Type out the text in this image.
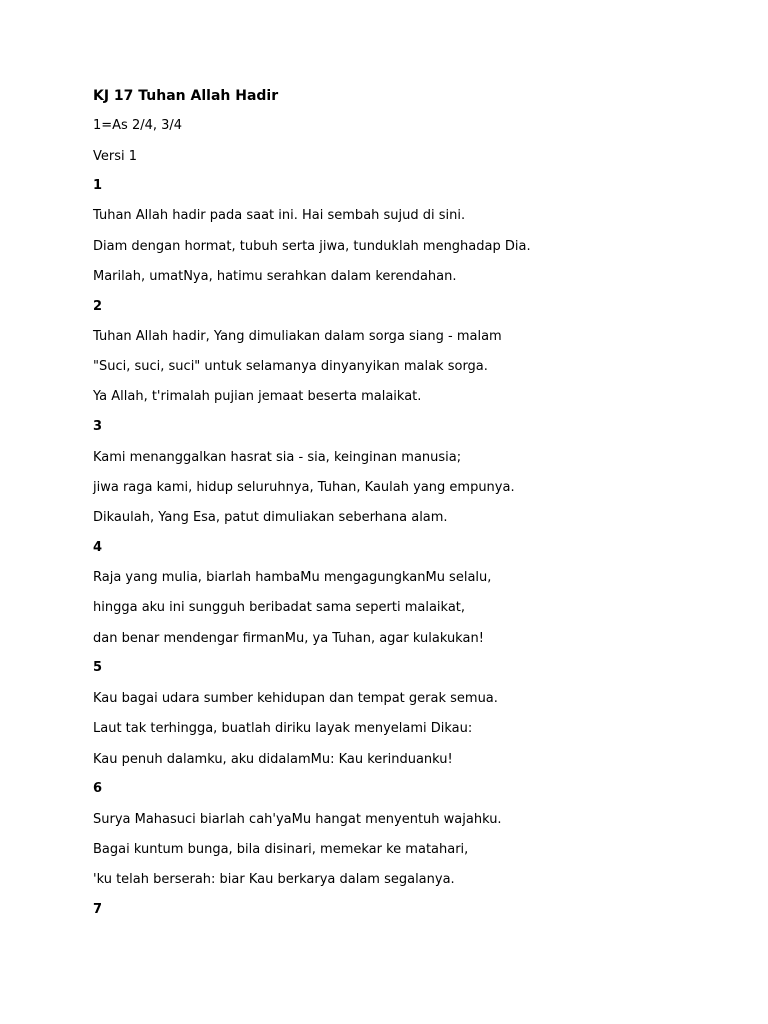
KJ 17 Tuhan Allah Hadir
1=As 2/4, 3/4
Versi 1
1
Tuhan Allah hadir pada saat ini. Hai sembah sujud di sini.
Diam dengan hormat, tubuh serta jiwa, tunduklah menghadap Dia.
Marilah, umatNya, hatimu serahkan dalam kerendahan.
2
Tuhan Allah hadir, Yang dimuliakan dalam sorga siang - malam
"Suci, suci, suci" untuk selamanya dinyanyikan malak sorga.
Ya Allah, t'rimalah pujian jemaat beserta malaikat.
3
Kami menanggalkan hasrat sia - sia, keinginan manusia;
jiwa raga kami, hidup seluruhnya, Tuhan, Kaulah yang empunya.
Dikaulah, Yang Esa, patut dimuliakan seberhana alam.
4
Raja yang mulia, biarlah hambaMu mengagungkanMu selalu,
hingga aku ini sungguh beribadat sama seperti malaikat,
dan benar mendengar firmanMu, ya Tuhan, agar kulakukan!
5
Kau bagai udara sumber kehidupan dan tempat gerak semua.
Laut tak terhingga, buatlah diriku layak menyelami Dikau:
Kau penuh dalamku, aku didalamMu: Kau kerinduanku!
6
Surya Mahasuci biarlah cah'yaMu hangat menyentuh wajahku.
Bagai kuntum bunga, bila disinari, memekar ke matahari,
'ku telah berserah: biar Kau berkarya dalam segalanya.
7
